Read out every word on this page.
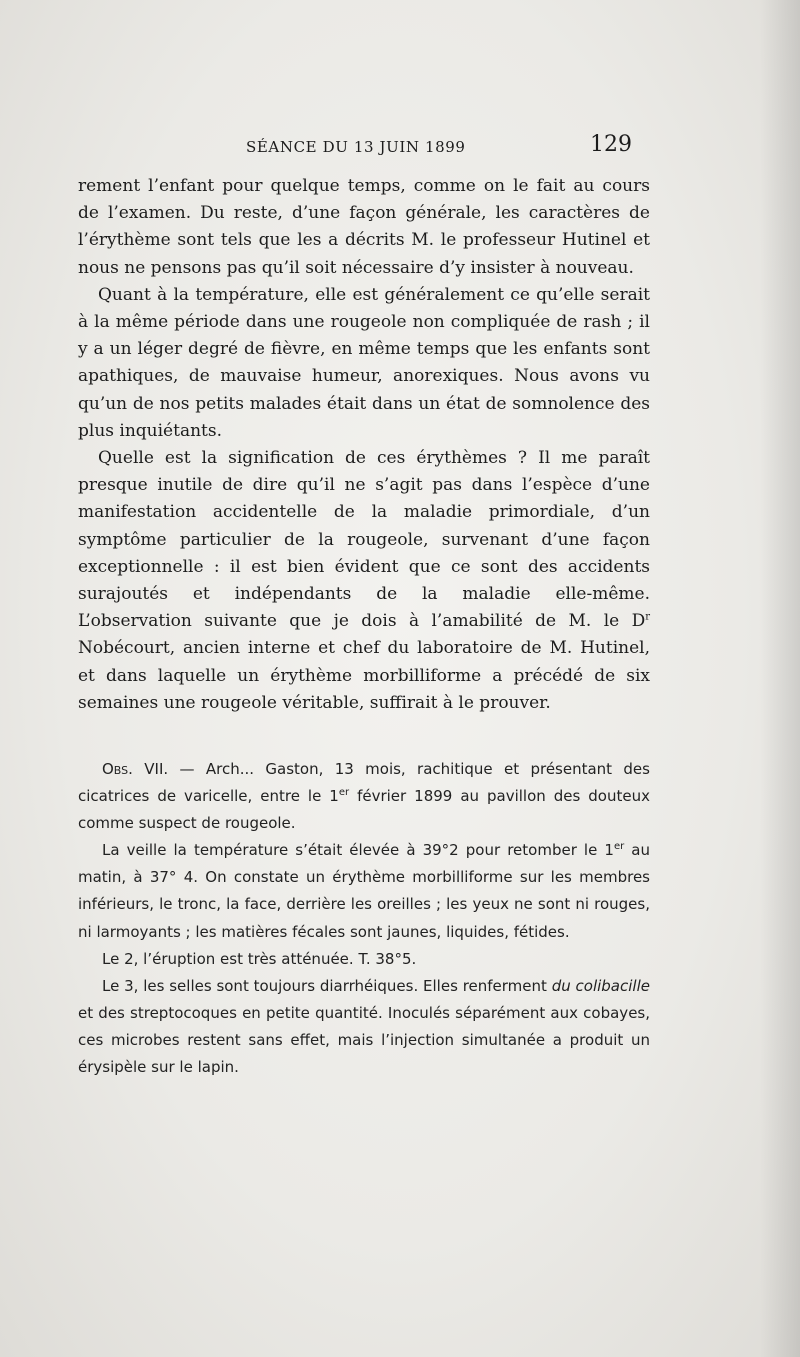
SÉANCE DU 13 JUIN 1899	129

rement l’enfant pour quelque temps, comme on le fait au cours de l’examen. Du reste, d’une façon générale, les caractères de l’érythème sont tels que les a décrits M. le professeur Hutinel et nous ne pensons pas qu’il soit nécessaire d’y insister à nouveau.

Quant à la température, elle est généralement ce qu’elle serait à la même période dans une rougeole non compliquée de rash ; il y a un léger degré de fièvre, en même temps que les enfants sont apathiques, de mauvaise humeur, anorexiques. Nous avons vu qu’un de nos petits malades était dans un état de somnolence des plus inquiétants.

Quelle est la signification de ces érythèmes ? Il me paraît presque inutile de dire qu’il ne s’agit pas dans l’espèce d’une manifestation accidentelle de la maladie primordiale, d’un symptôme particulier de la rougeole, survenant d’une façon exceptionnelle : il est bien évident que ce sont des accidents surajoutés et indépendants de la maladie elle-même. L’observation suivante que je dois à l’amabilité de M. le $D^r$ Nobécourt, ancien interne et chef du laboratoire de M. Hutinel, et dans laquelle un érythème morbilliforme a précédé de six semaines une rougeole véritable, suffirait à le prouver.

Obs. VII. — Arch... Gaston, 13 mois, rachitique et présentant des cicatrices de varicelle, entre le 1er février 1899 au pavillon des douteux comme suspect de rougeole.

La veille la température s’était élevée à 39°2 pour retomber le 1er au matin, à 37° 4. On constate un érythème morbilliforme sur les membres inférieurs, le tronc, la face, derrière les oreilles ; les yeux ne sont ni rouges, ni larmoyants ; les matières fécales sont jaunes, liquides, fétides.

Le 2, l’éruption est très atténuée. T. 38°5.

Le 3, les selles sont toujours diarrhéiques. Elles renferment du colibacille et des streptocoques en petite quantité. Inoculés séparément aux cobayes, ces microbes restent sans effet, mais l’injection simultanée a produit un érysipèle sur le lapin.
